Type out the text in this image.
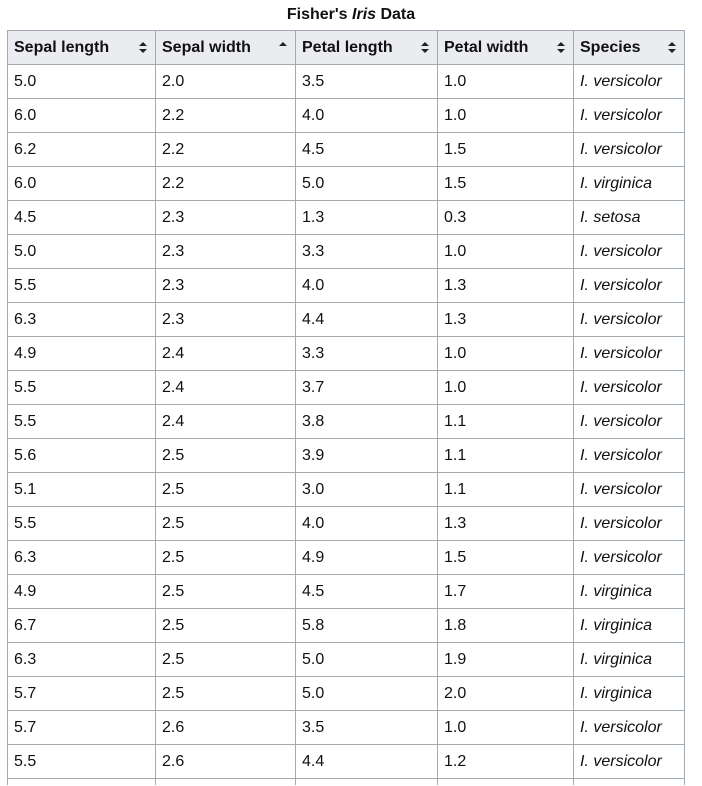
Fisher's Iris Data
Sepal length	Sepal width	Petal length	Petal width	Species

5.0	2.0	3.5	1.0	I. versicolor
6.0	2.2	4.0	1.0	I. versicolor
6.2	2.2	4.5	1.5	I. versicolor
6.0	2.2	5.0	1.5	I. virginica
4.5	2.3	1.3	0.3	I. setosa
5.0	2.3	3.3	1.0	I. versicolor
5.5	2.3	4.0	1.3	I. versicolor
6.3	2.3	4.4	1.3	I. versicolor
4.9	2.4	3.3	1.0	I. versicolor
5.5	2.4	3.7	1.0	I. versicolor
5.5	2.4	3.8	1.1	I. versicolor
5.6	2.5	3.9	1.1	I. versicolor
5.1	2.5	3.0	1.1	I. versicolor
5.5	2.5	4.0	1.3	I. versicolor
6.3	2.5	4.9	1.5	I. versicolor
4.9	2.5	4.5	1.7	I. virginica
6.7	2.5	5.8	1.8	I. virginica
6.3	2.5	5.0	1.9	I. virginica
5.7	2.5	5.0	2.0	I. virginica
5.7	2.6	3.5	1.0	I. versicolor
5.5	2.6	4.4	1.2	I. versicolor
